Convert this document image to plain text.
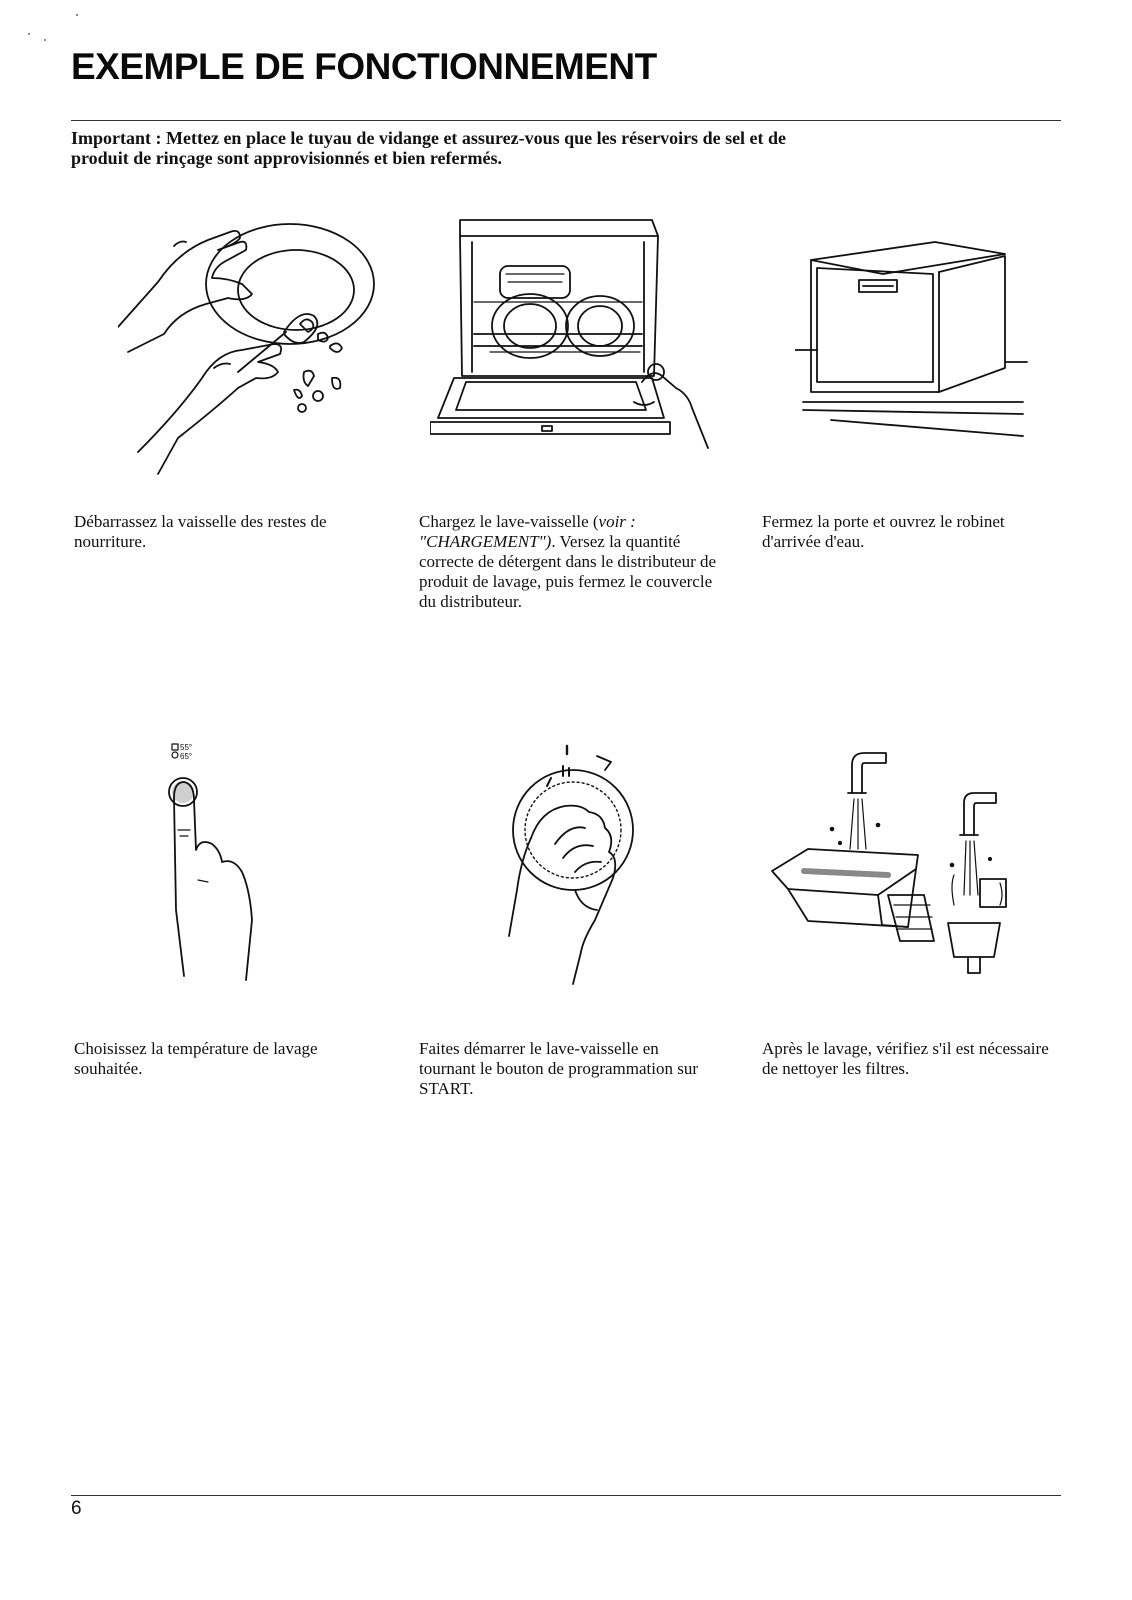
EXEMPLE DE FONCTIONNEMENT

Important : Mettez en place le tuyau de vidange et assurez-vous que les réservoirs de sel et de produit de rinçage sont approvisionnés et bien refermés.

Débarrassez la vaisselle des restes de nourriture.

Chargez le lave-vaisselle (voir : "CHARGEMENT"). Versez la quantité correcte de détergent dans le distributeur de produit de lavage, puis fermez le couvercle du distributeur.

Fermez la porte et ouvrez le robinet d'arrivée d'eau.

55°
65°

Choisissez la température de lavage souhaitée.

Faites démarrer le lave-vaisselle en tournant le bouton de programmation sur START.

Après le lavage, vérifiez s'il est nécessaire de nettoyer les filtres.

6
